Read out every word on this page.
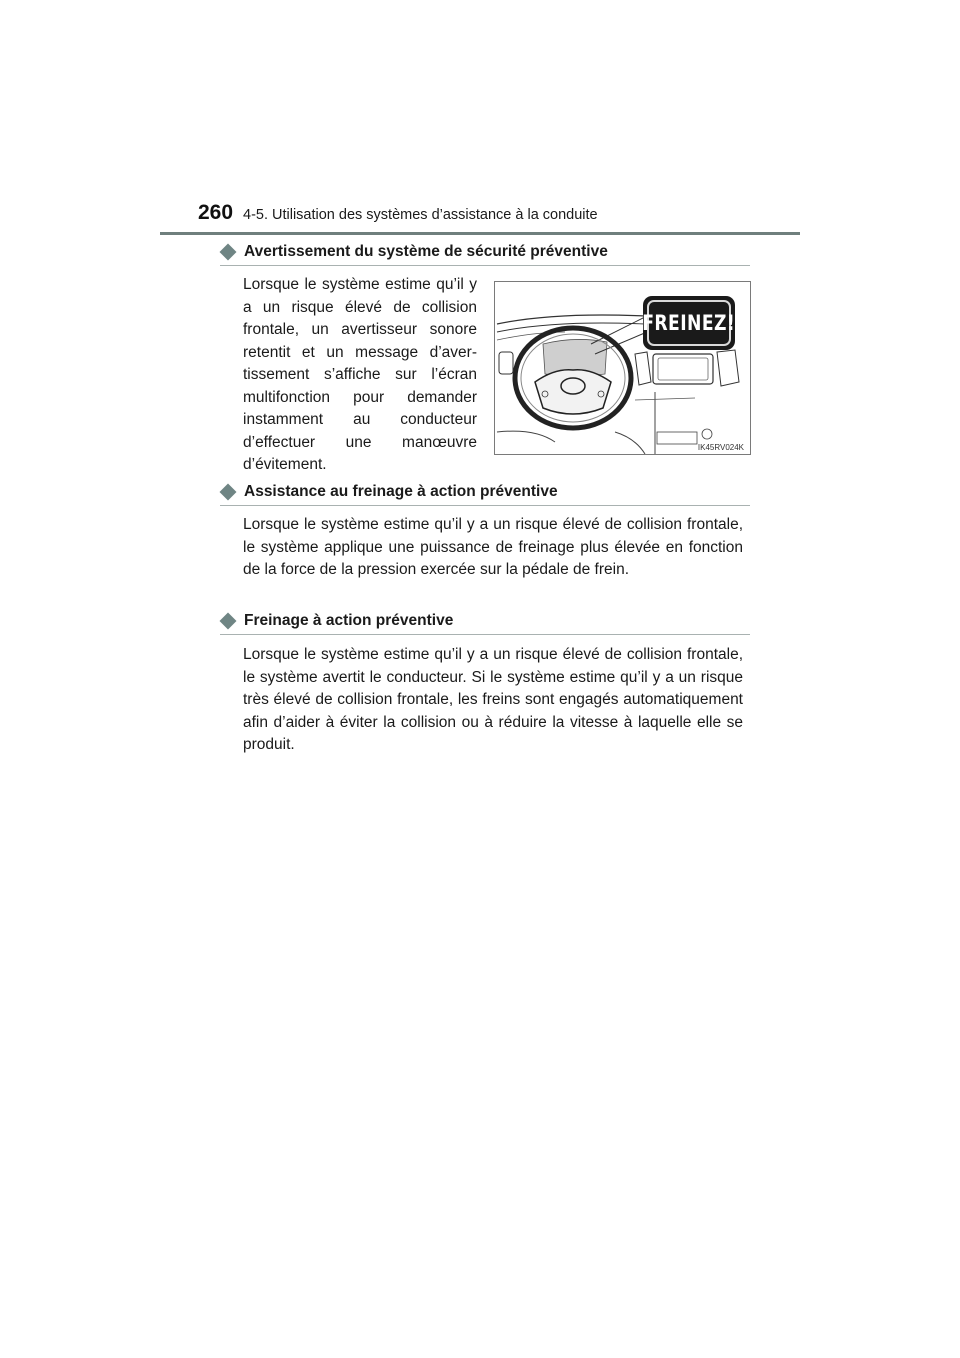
260 4-5. Utilisation des systèmes d’assistance à la conduite
Avertissement du système de sécurité préventive

Lorsque le système estime qu’il y a un risque élevé de collision frontale, un avertisseur sonore retentit et un message d’avertissement s’affiche sur l’écran multifonction pour demander instamment au conducteur d’effectuer une manœuvre d’évitement.

FREINEZ!
IK45RV024K
Assistance au freinage à action préventive

Lorsque le système estime qu’il y a un risque élevé de collision frontale, le système applique une puissance de freinage plus élevée en fonction de la force de la pression exercée sur la pédale de frein.

Freinage à action préventive

Lorsque le système estime qu’il y a un risque élevé de collision frontale, le système avertit le conducteur. Si le système estime qu’il y a un risque très élevé de collision frontale, les freins sont engagés automatiquement afin d’aider à éviter la collision ou à réduire la vitesse à laquelle elle se produit.
